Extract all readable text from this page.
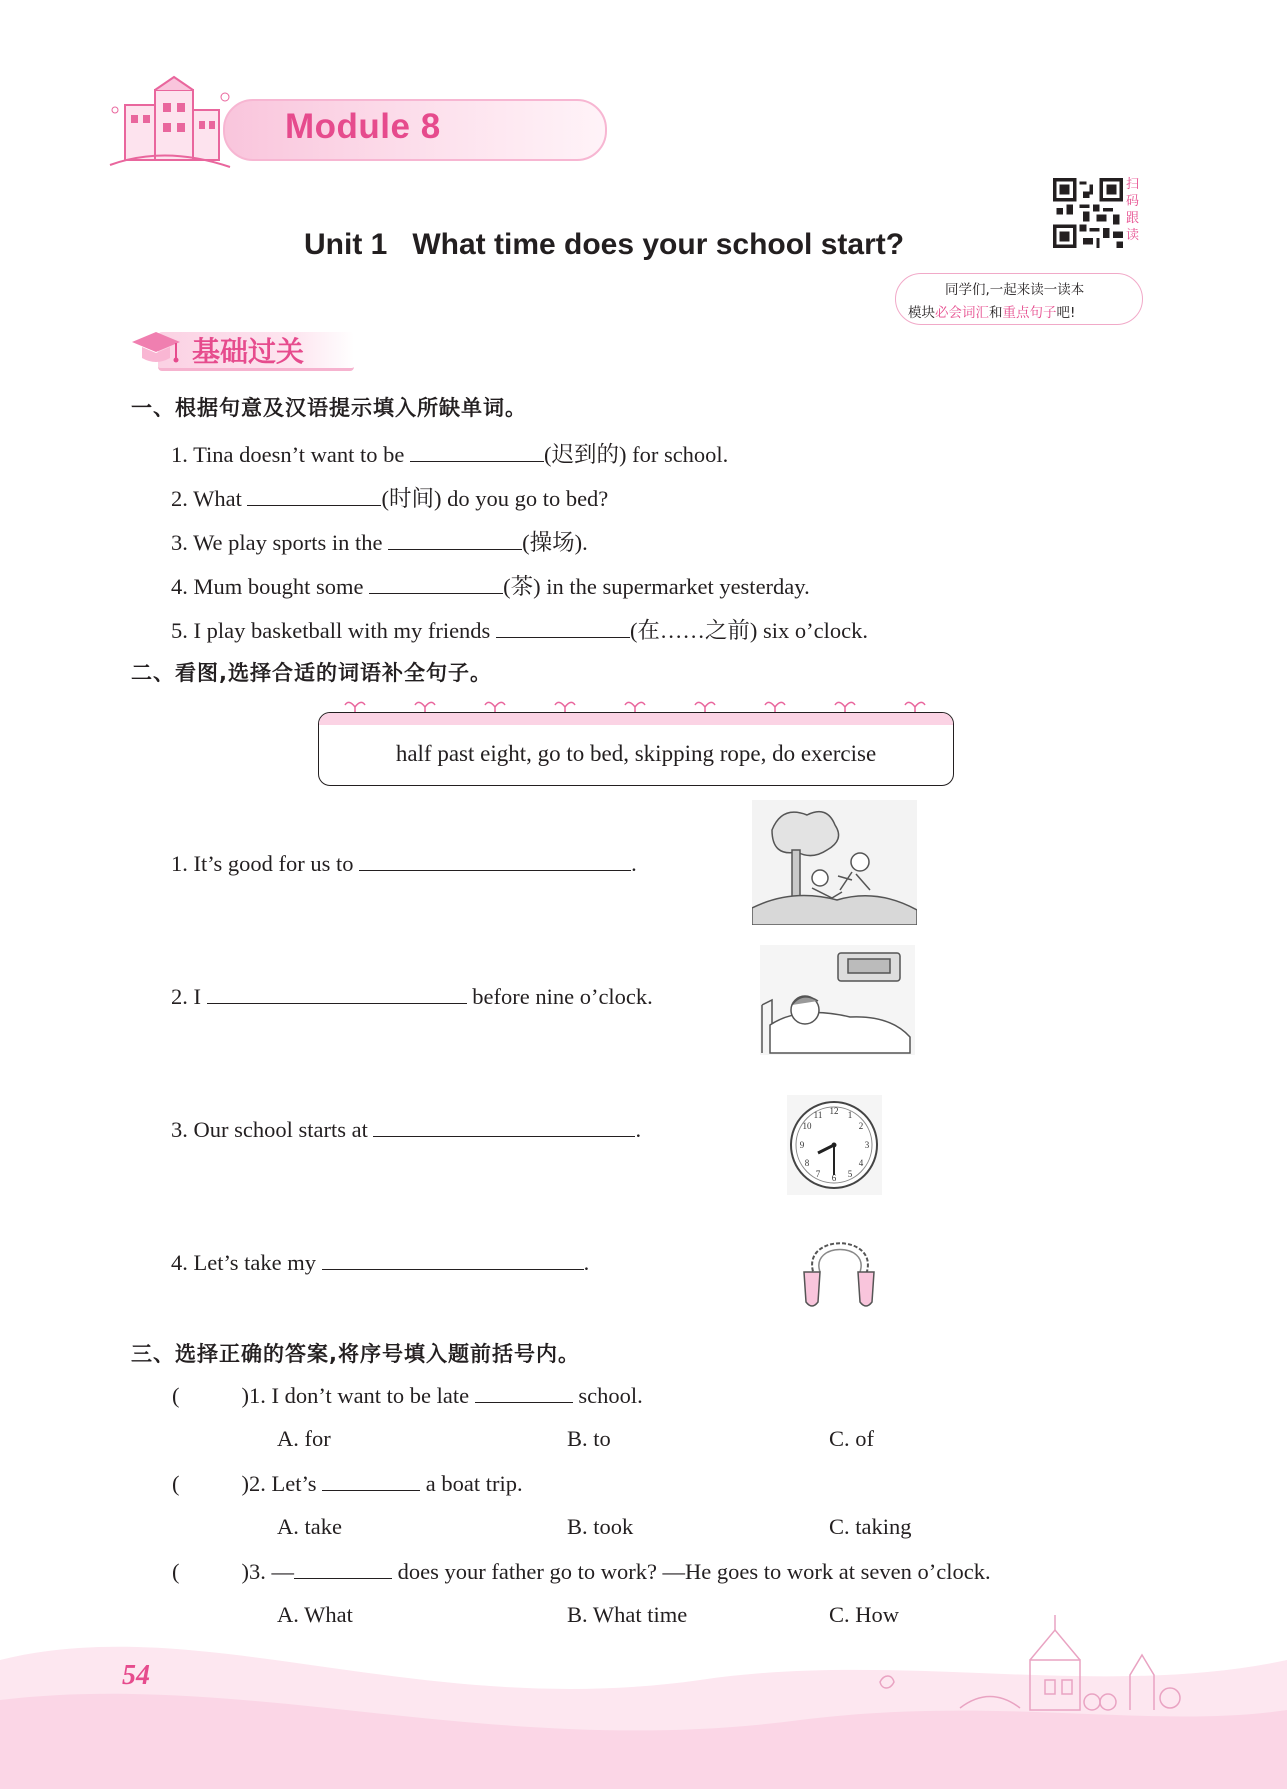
Module 8
Unit 1   What time does your school start?
扫码跟读
同学们,一起来读一读本
模块必会词汇和重点句子吧!
基础过关
一、根据句意及汉语提示填入所缺单词。
1. Tina doesn’t want to be	(迟到的) for school.
2. What	(时间) do you go to bed?
3. We play sports in the	(操场).
4. Mum bought some	(茶) in the supermarket yesterday.
5. I play basketball with my friends	(在……之前) six o’clock.
二、看图,选择合适的词语补全句子。
half past eight, go to bed, skipping rope, do exercise
1. It’s good for us to	.
2. I	before nine o’clock.
3. Our school starts at	.
4. Let’s take my	.
12 1
2
3
4
5
6
7
8
9
10
11
三、选择正确的答案,将序号填入题前括号内。
(	)1. I don’t want to be late	school.
A. for	B. to	C. of
(	)2. Let’s	a boat trip.
A. take	B. took	C. taking
(	)3. —	does your father go to work? —He goes to work at seven o’clock.
A. What	B. What time	C. How
54
